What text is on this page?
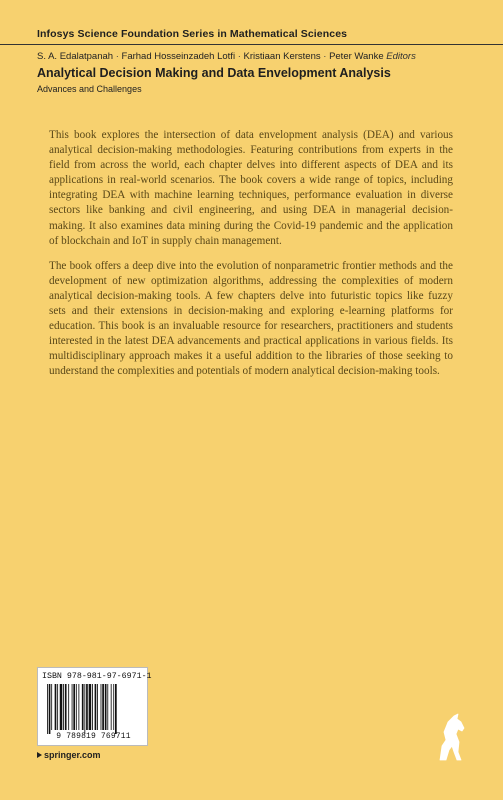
Infosys Science Foundation Series in Mathematical Sciences
S. A. Edalatpanah · Farhad Hosseinzadeh Lotfi · Kristiaan Kerstens · Peter Wanke Editors
Analytical Decision Making and Data Envelopment Analysis
Advances and Challenges

This book explores the intersection of data envelopment analysis (DEA) and various analytical decision-making methodologies. Featuring contributions from experts in the field from across the world, each chapter delves into different aspects of DEA and its applications in real-world scenarios. The book covers a wide range of topics, including integrating DEA with machine learning techniques, performance evaluation in diverse sectors like banking and civil engineering, and using DEA in managerial decision-making. It also examines data mining during the Covid-19 pandemic and the application of blockchain and IoT in supply chain management.

The book offers a deep dive into the evolution of nonparametric frontier methods and the development of new optimization algorithms, addressing the complexities of modern analytical decision-making tools. A few chapters delve into futuristic topics like fuzzy sets and their extensions in decision-making and exploring e-learning platforms for education. This book is an invaluable resource for researchers, practitioners and students interested in the latest DEA advancements and practical applications in various fields. Its multidisciplinary approach makes it a useful addition to the libraries of those seeking to understand the complexities and potentials of modern analytical decision-making tools.

ISBN 978-981-97-6971-1
9 789819 769711
springer.com
